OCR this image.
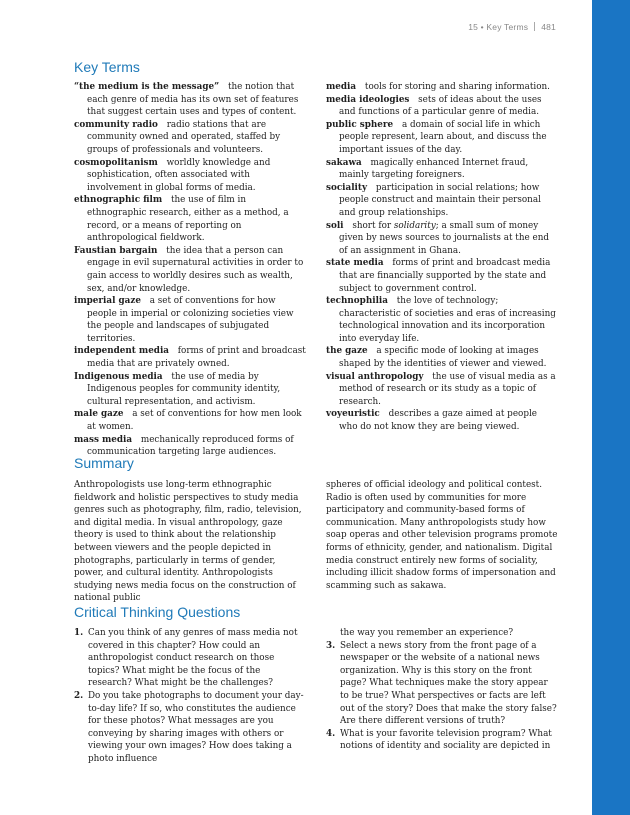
15 • Key Terms 481
Key Terms
“the medium is the message”  the notion that each genre of media has its own set of features that suggest certain uses and types of content.
community radio  radio stations that are community owned and operated, staffed by groups of professionals and volunteers.
cosmopolitanism  worldly knowledge and sophistication, often associated with involvement in global forms of media.
ethnographic film  the use of film in ethnographic research, either as a method, a record, or a means of reporting on anthropological fieldwork.
Faustian bargain  the idea that a person can engage in evil supernatural activities in order to gain access to worldly desires such as wealth, sex, and/or knowledge.
imperial gaze  a set of conventions for how people in imperial or colonizing societies view the people and landscapes of subjugated territories.
independent media  forms of print and broadcast media that are privately owned.
Indigenous media  the use of media by Indigenous peoples for community identity, cultural representation, and activism.
male gaze  a set of conventions for how men look at women.
mass media  mechanically reproduced forms of communication targeting large audiences.
media  tools for storing and sharing information.
media ideologies  sets of ideas about the uses and functions of a particular genre of media.
public sphere  a domain of social life in which people represent, learn about, and discuss the important issues of the day.
sakawa  magically enhanced Internet fraud, mainly targeting foreigners.
sociality  participation in social relations; how people construct and maintain their personal and group relationships.
soli  short for solidarity; a small sum of money given by news sources to journalists at the end of an assignment in Ghana.
state media  forms of print and broadcast media that are financially supported by the state and subject to government control.
technophilia  the love of technology; characteristic of societies and eras of increasing technological innovation and its incorporation into everyday life.
the gaze  a specific mode of looking at images shaped by the identities of viewer and viewed.
visual anthropology  the use of visual media as a method of research or its study as a topic of research.
voyeuristic  describes a gaze aimed at people who do not know they are being viewed.
Summary

Anthropologists use long-term ethnographic fieldwork and holistic perspectives to study media genres such as photography, film, radio, television, and digital media. In visual anthropology, gaze theory is used to think about the relationship between viewers and the people depicted in photographs, particularly in terms of gender, power, and cultural identity. Anthropologists studying news media focus on the construction of national public

spheres of official ideology and political contest. Radio is often used by communities for more participatory and community-based forms of communication. Many anthropologists study how soap operas and other television programs promote forms of ethnicity, gender, and nationalism. Digital media construct entirely new forms of sociality, including illicit shadow forms of impersonation and scamming such as sakawa.

Critical Thinking Questions
1. Can you think of any genres of mass media not covered in this chapter? How could an anthropologist conduct research on those topics? What might be the focus of the research? What might be the challenges?
2. Do you take photographs to document your day-to-day life? If so, who constitutes the audience for these photos? What messages are you conveying by sharing images with others or viewing your own images? How does taking a photo influence
the way you remember an experience?
3. Select a news story from the front page of a newspaper or the website of a national news organization. Why is this story on the front page? What techniques make the story appear to be true? What perspectives or facts are left out of the story? Does that make the story false? Are there different versions of truth?
4. What is your favorite television program? What notions of identity and sociality are depicted in
